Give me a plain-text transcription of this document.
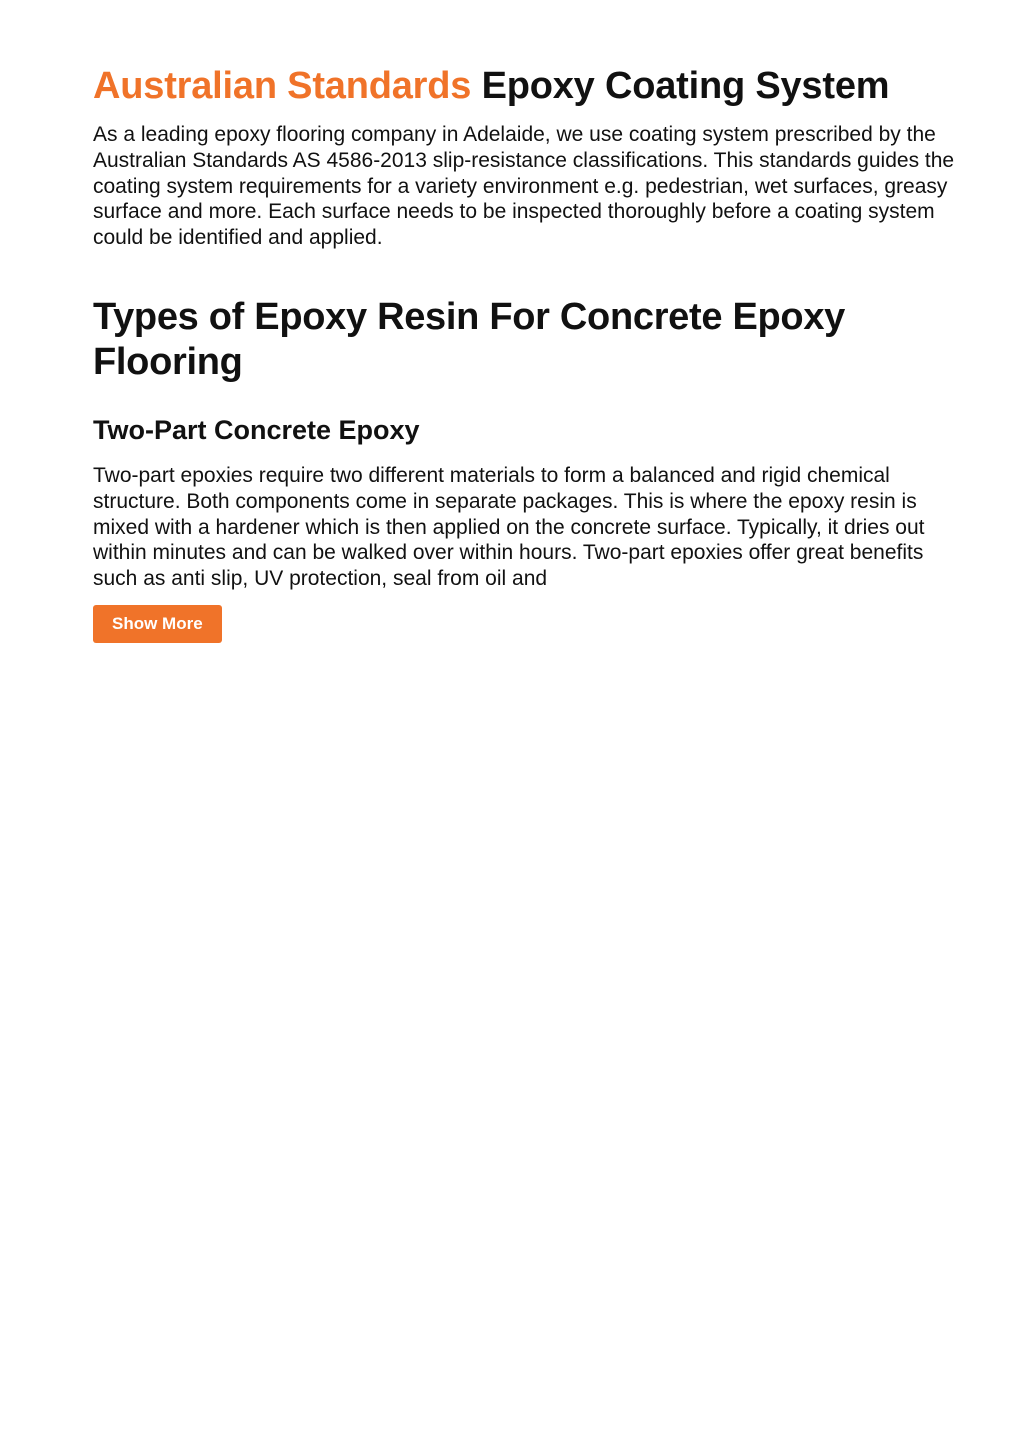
Australian Standards Epoxy Coating System

As a leading epoxy flooring company in Adelaide, we use coating system prescribed by the Australian Standards AS 4586-2013 slip-resistance classifications. This standards guides the coating system requirements for a variety environment e.g. pedestrian, wet surfaces, greasy surface and more. Each surface needs to be inspected thoroughly before a coating system could be identified and applied.

Types of Epoxy Resin For Concrete Epoxy Flooring
Two-Part Concrete Epoxy

Two-part epoxies require two different materials to form a balanced and rigid chemical structure. Both components come in separate packages. This is where the epoxy resin is mixed with a hardener which is then applied on the concrete surface. Typically, it dries out within minutes and can be walked over within hours. Two-part epoxies offer great benefits such as anti slip, UV protection, seal from oil and

Show More
